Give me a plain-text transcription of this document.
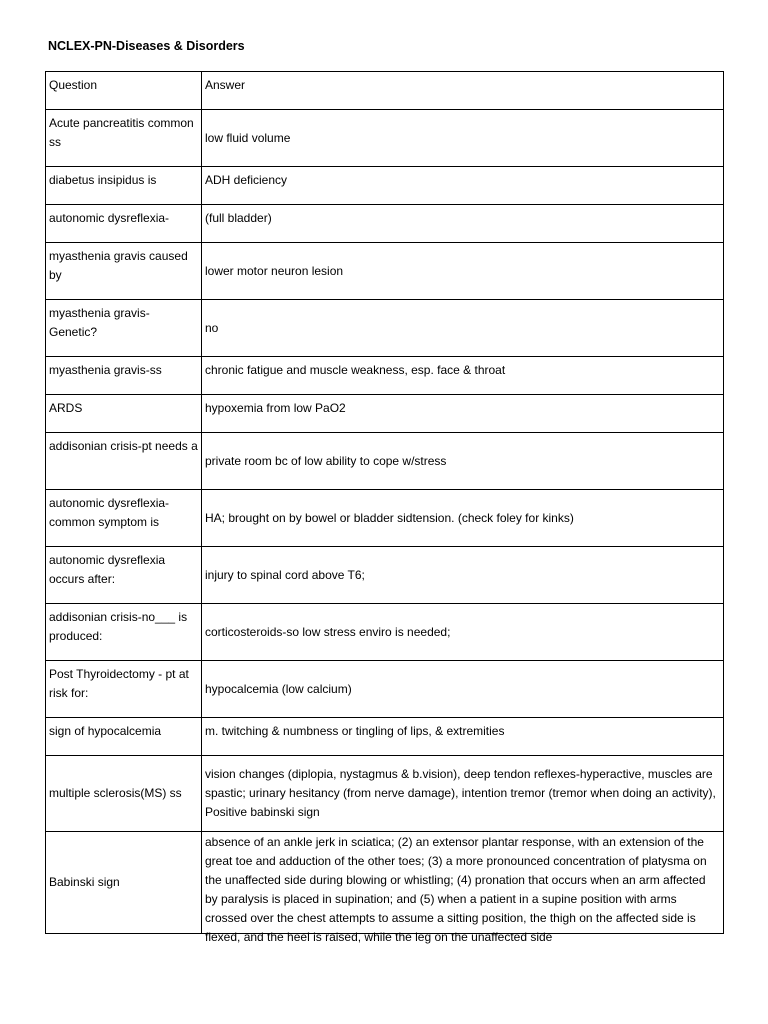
NCLEX-PN-Diseases & Disorders
Question	Answer
Acute pancreatitis common ss	low fluid volume
diabetus insipidus is	ADH deficiency
autonomic dysreflexia-	(full bladder)
myasthenia gravis caused by	lower motor neuron lesion
myasthenia gravis- Genetic?	no
myasthenia gravis-ss	chronic fatigue and muscle weakness, esp. face & throat
ARDS	hypoxemia from low PaO2
addisonian crisis-pt needs a	private room bc of low ability to cope w/stress
autonomic dysreflexia- common symptom is	HA; brought on by bowel or bladder sidtension. (check foley for kinks)
autonomic dysreflexia occurs after:	injury to spinal cord above T6;
addisonian crisis-no___ is produced:	corticosteroids-so low stress enviro is needed;
Post Thyroidectomy - pt at risk for:	hypocalcemia (low calcium)
sign of hypocalcemia	m. twitching & numbness or tingling of lips, & extremities
multiple sclerosis(MS) ss	vision changes (diplopia, nystagmus & b.vision), deep tendon reflexes-hyperactive, muscles are spastic; urinary hesitancy (from nerve damage), intention tremor (tremor when doing an activity), Positive babinski sign
Babinski sign	absence of an ankle jerk in sciatica; (2) an extensor plantar response, with an extension of the great toe and adduction of the other toes; (3) a more pronounced concentration of platysma on the unaffected side during blowing or whistling; (4) pronation that occurs when an arm affected by paralysis is placed in supination; and (5) when a patient in a supine position with arms crossed over the chest attempts to assume a sitting position, the thigh on the affected side is flexed, and the heel is raised, while the leg on the unaffected side
